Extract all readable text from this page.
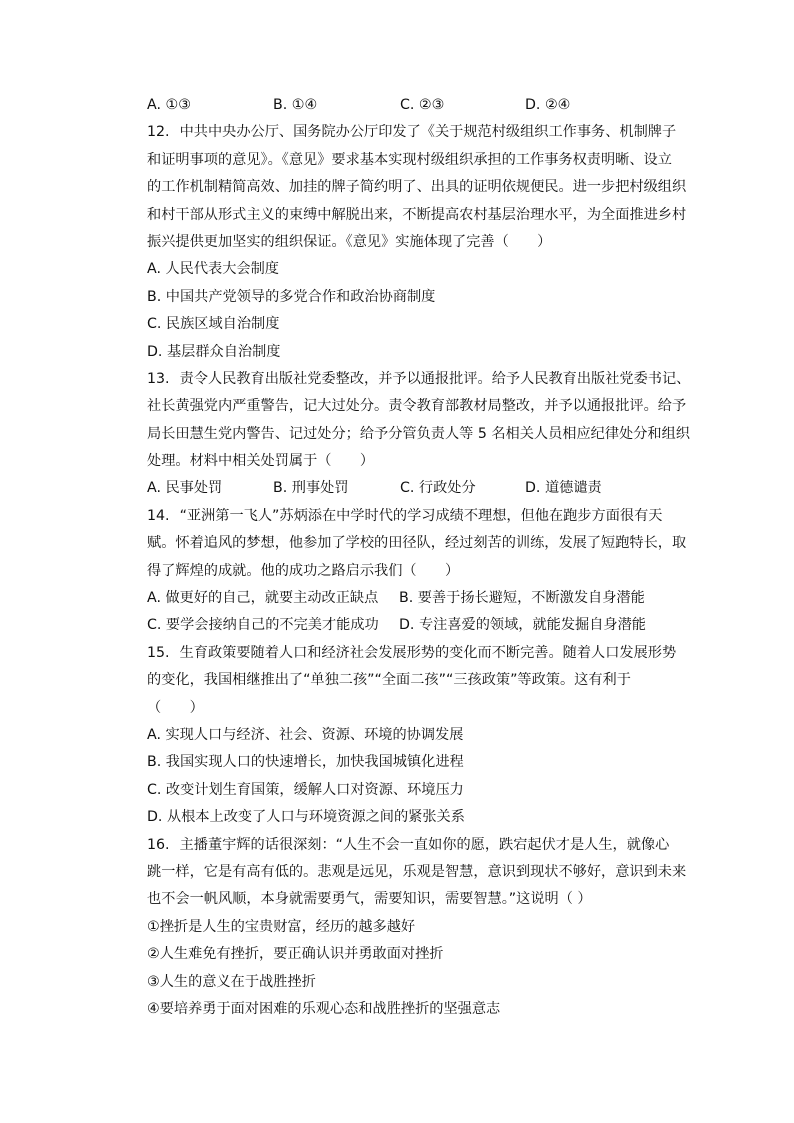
A. ①③	B. ①④	C. ②③	D. ②④
12. 中共中央办公厅、国务院办公厅印发了《关于规范村级组织工作事务、机制牌子
和证明事项的意见》。《意见》要求基本实现村级组织承担的工作事务权责明晰、设立
的工作机制精简高效、加挂的牌子简约明了、出具的证明依规便民。进一步把村级组织
和村干部从形式主义的束缚中解脱出来，不断提高农村基层治理水平，为全面推进乡村
振兴提供更加坚实的组织保证。《意见》实施体现了完善（　　）
A. 人民代表大会制度
B. 中国共产党领导的多党合作和政治协商制度
C. 民族区域自治制度
D. 基层群众自治制度
13. 责令人民教育出版社党委整改，并予以通报批评。给予人民教育出版社党委书记、
社长黄强党内严重警告，记大过处分。责令教育部教材局整改，并予以通报批评。给予
局长田慧生党内警告、记过处分；给予分管负责人等 5 名相关人员相应纪律处分和组织
处理。材料中相关处罚属于（　　）
A. 民事处罚	B. 刑事处罚	C. 行政处分	D. 道德谴责
14. “亚洲第一飞人”苏炳添在中学时代的学习成绩不理想，但他在跑步方面很有天
赋。怀着追风的梦想，他参加了学校的田径队，经过刻苦的训练，发展了短跑特长，取
得了辉煌的成就。他的成功之路启示我们（　　）
A. 做更好的自己，就要主动改正缺点 B. 要善于扬长避短，不断激发自身潜能
C. 要学会接纳自己的不完美才能成功 D. 专注喜爱的领域，就能发掘自身潜能
15. 生育政策要随着人口和经济社会发展形势的变化而不断完善。随着人口发展形势
的变化，我国相继推出了“单独二孩”“全面二孩”“三孩政策”等政策。这有利于
（　　）
A. 实现人口与经济、社会、资源、环境的协调发展
B. 我国实现人口的快速增长，加快我国城镇化进程
C. 改变计划生育国策，缓解人口对资源、环境压力
D. 从根本上改变了人口与环境资源之间的紧张关系
16. 主播董宇辉的话很深刻：“人生不会一直如你的愿，跌宕起伏才是人生，就像心
跳一样，它是有高有低的。悲观是远见，乐观是智慧，意识到现状不够好，意识到未来
也不会一帆风顺，本身就需要勇气，需要知识，需要智慧。”这说明（ ）
①挫折是人生的宝贵财富，经历的越多越好
②人生难免有挫折，要正确认识并勇敢面对挫折
③人生的意义在于战胜挫折
④要培养勇于面对困难的乐观心态和战胜挫折的坚强意志
